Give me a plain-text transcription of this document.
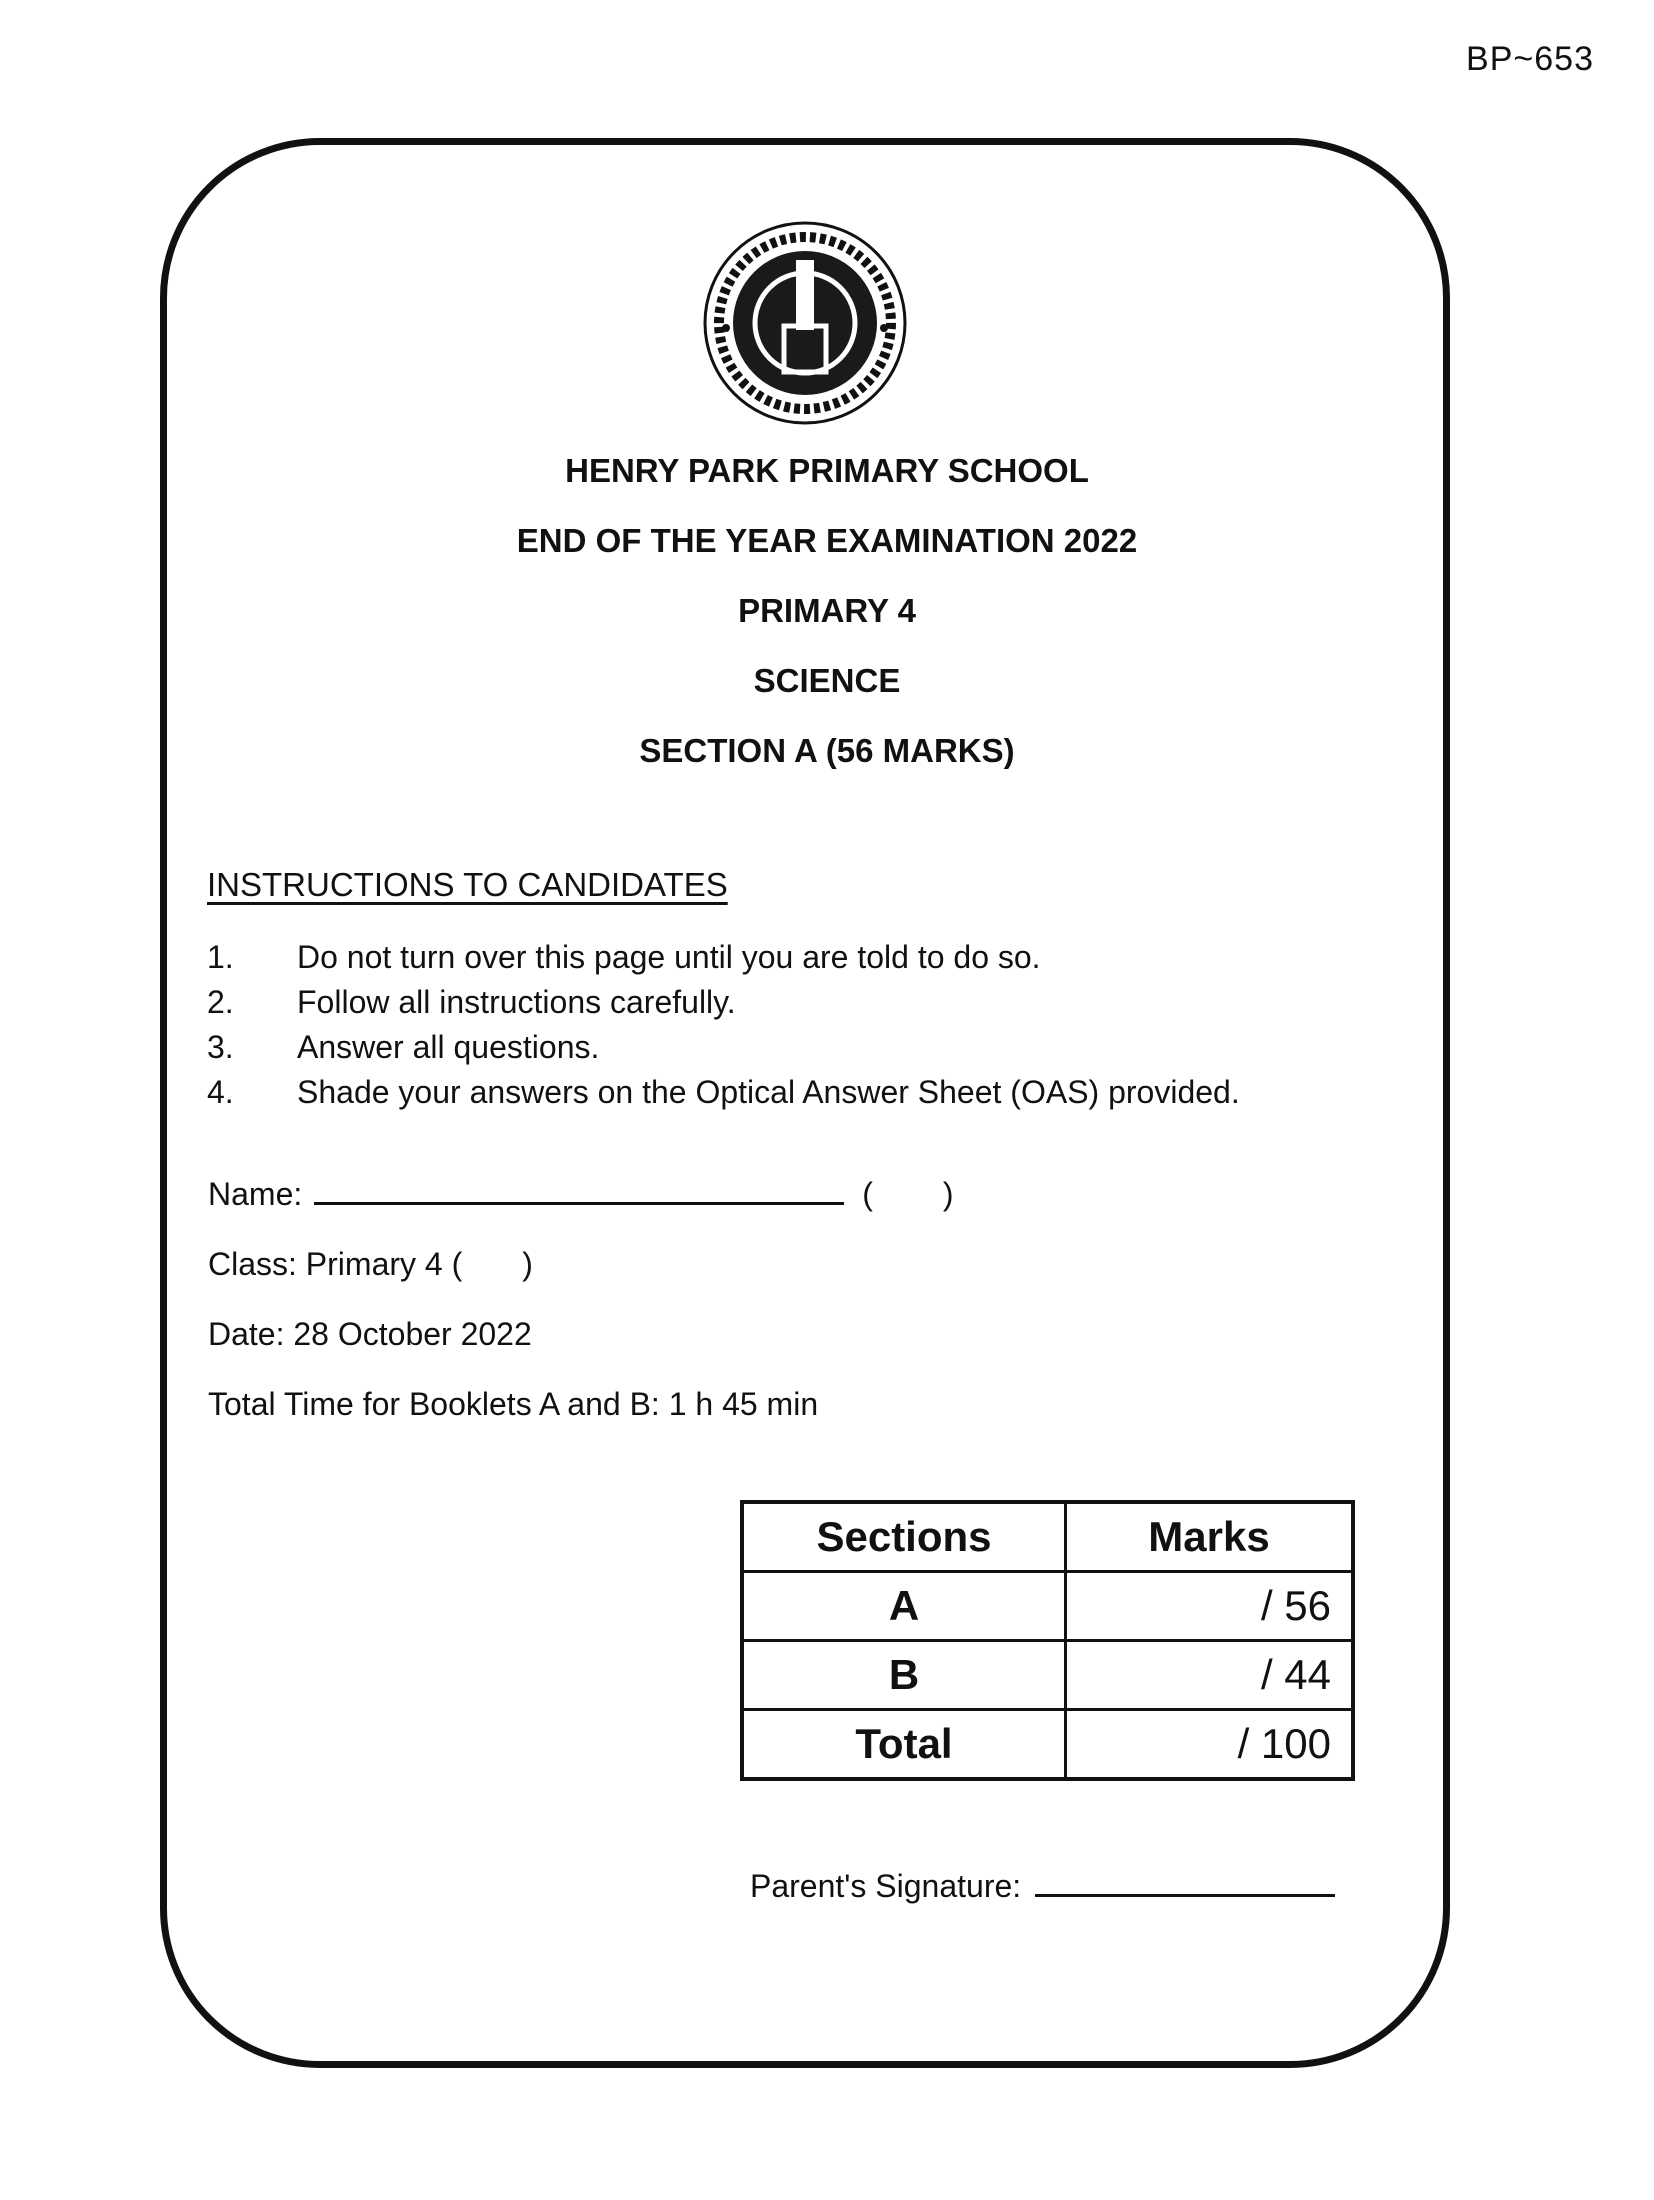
BP~653
HENRY PARK PRIMARY SCHOOL
END OF THE YEAR EXAMINATION 2022
PRIMARY 4
SCIENCE
SECTION A (56 MARKS)
INSTRUCTIONS TO CANDIDATES
1. Do not turn over this page until you are told to do so.
2. Follow all instructions carefully.
3. Answer all questions.
4. Shade your answers on the Optical Answer Sheet (OAS) provided.
Name:	( )
Class: Primary 4 ( )
Date: 28 October 2022
Total Time for Booklets A and B: 1 h 45 min
Sections	Marks
A	/ 56
B	/ 44
Total	/ 100
Parent's Signature:
